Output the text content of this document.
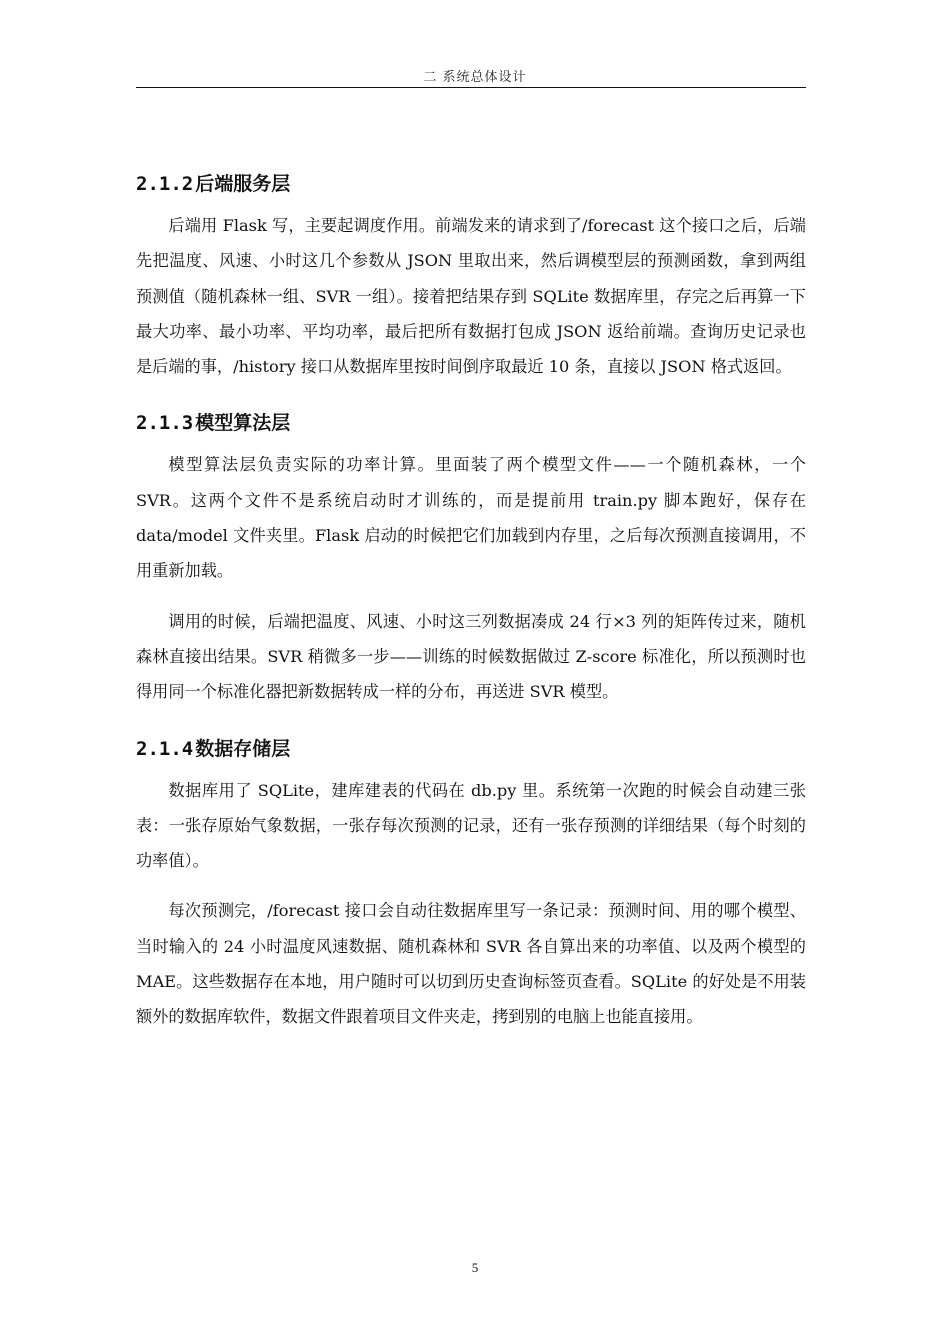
二 系统总体设计
2.1.2 后端服务层

后端用 Flask 写，主要起调度作用。前端发来的请求到了/forecast 这个接口之后，后端先把温度、风速、小时这几个参数从 JSON 里取出来，然后调模型层的预测函数，拿到两组预测值（随机森林一组、SVR 一组）。接着把结果存到 SQLite 数据库里，存完之后再算一下最大功率、最小功率、平均功率，最后把所有数据打包成 JSON 返给前端。查询历史记录也是后端的事，/history 接口从数据库里按时间倒序取最近 10 条，直接以 JSON 格式返回。

2.1.3 模型算法层

模型算法层负责实际的功率计算。里面装了两个模型文件——一个随机森林，一个 SVR。这两个文件不是系统启动时才训练的，而是提前用 train.py 脚本跑好，保存在 data/model 文件夹里。Flask 启动的时候把它们加载到内存里，之后每次预测直接调用，不用重新加载。

调用的时候，后端把温度、风速、小时这三列数据凑成 24 行×3 列的矩阵传过来，随机森林直接出结果。SVR 稍微多一步——训练的时候数据做过 Z-score 标准化，所以预测时也得用同一个标准化器把新数据转成一样的分布，再送进 SVR 模型。

2.1.4 数据存储层

数据库用了 SQLite，建库建表的代码在 db.py 里。系统第一次跑的时候会自动建三张表：一张存原始气象数据，一张存每次预测的记录，还有一张存预测的详细结果（每个时刻的功率值）。

每次预测完，/forecast 接口会自动往数据库里写一条记录：预测时间、用的哪个模型、当时输入的 24 小时温度风速数据、随机森林和 SVR 各自算出来的功率值、以及两个模型的 MAE。这些数据存在本地，用户随时可以切到历史查询标签页查看。SQLite 的好处是不用装额外的数据库软件，数据文件跟着项目文件夹走，拷到别的电脑上也能直接用。

5
